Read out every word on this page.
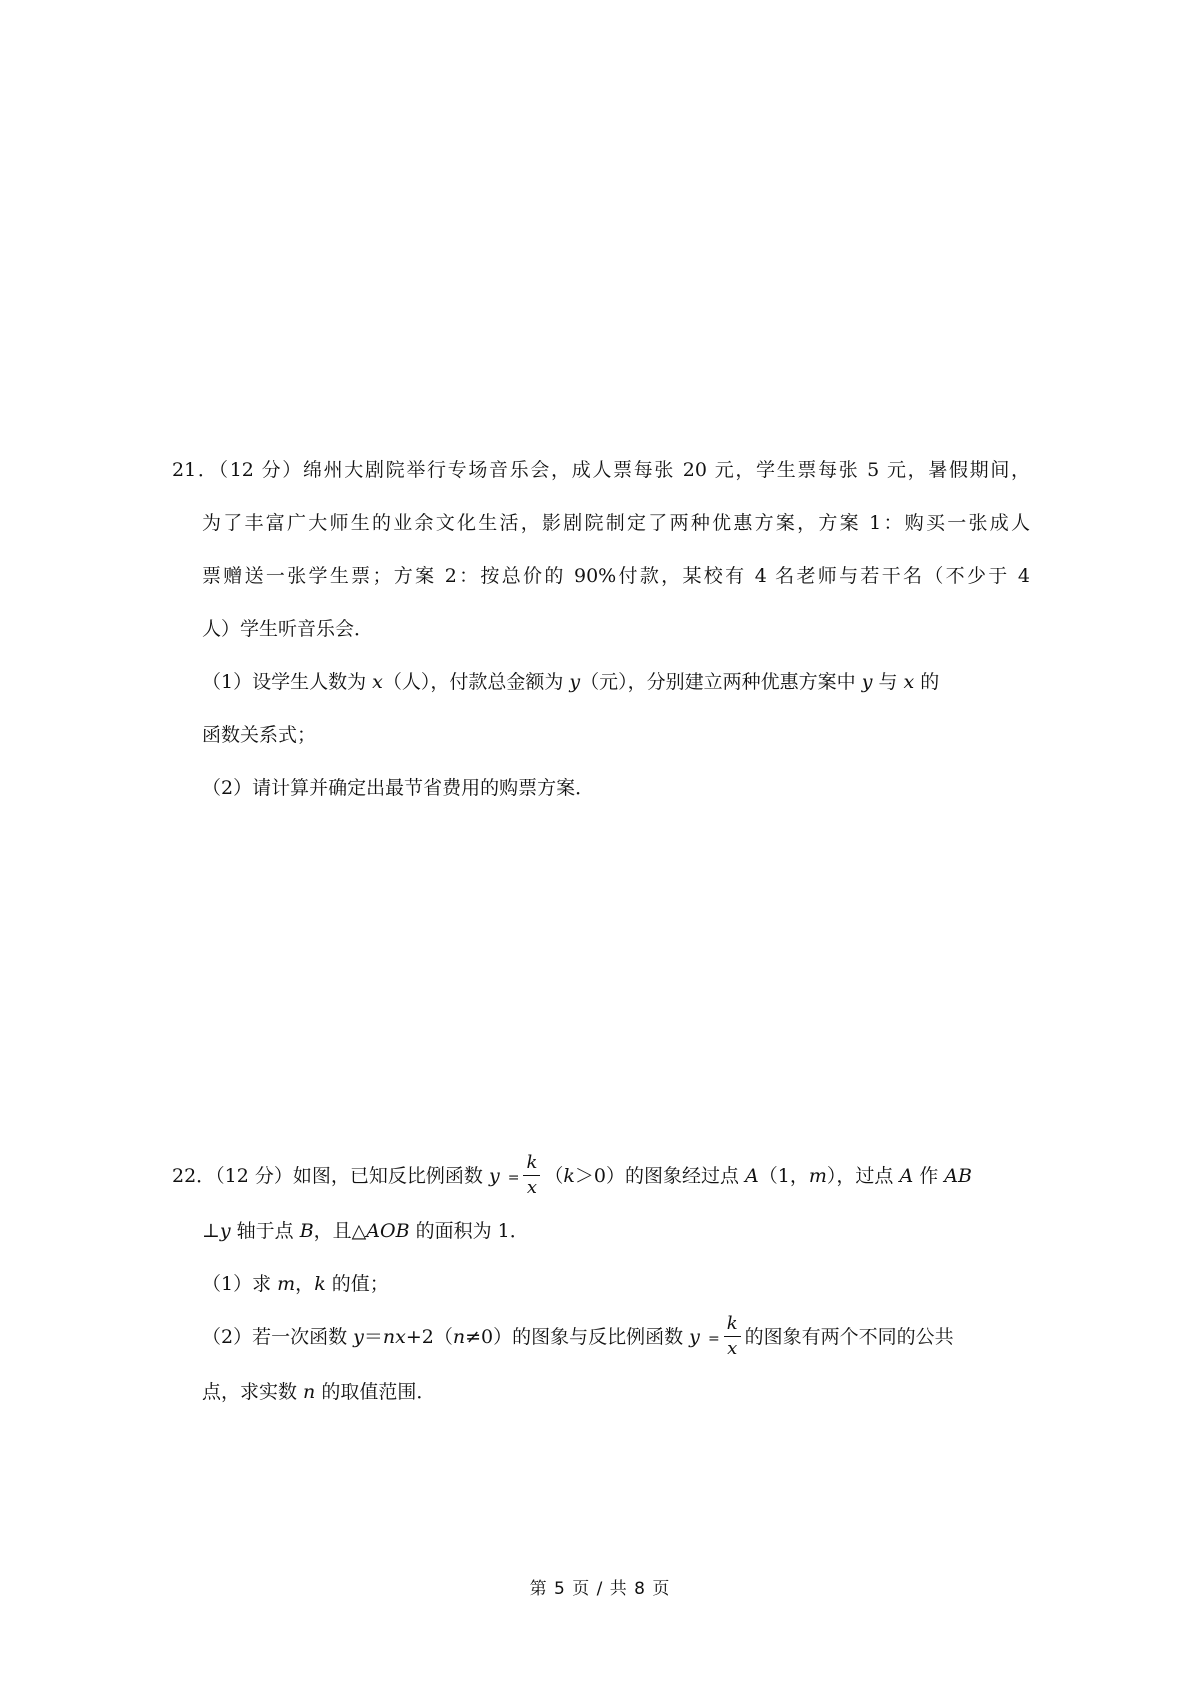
21．（12 分）绵州大剧院举行专场音乐会，成人票每张 20 元，学生票每张 5 元，暑假期间，
为了丰富广大师生的业余文化生活，影剧院制定了两种优惠方案，方案 1：购买一张成人
票赠送一张学生票；方案 2：按总价的 90%付款，某校有 4 名老师与若干名（不少于 4
人）学生听音乐会．
（1）设学生人数为 x（人），付款总金额为 y（元），分别建立两种优惠方案中 y 与 x 的
函数关系式；
（2）请计算并确定出最节省费用的购票方案．
22．（12 分）如图，已知反比例函数 $y = \frac{k}{x} (k>0)$的图象经过点 A（1，m），过点 A 作 AB
⊥y 轴于点 B，且△AOB 的面积为 1．
（1）求 m，k 的值；
（2）若一次函数 y＝nx+2（n≠0）的图象与反比例函数 $y = \frac{k}{x}$ 的图象有两个不同的公共
点，求实数 n 的取值范围．
第 5 页 / 共 8 页
